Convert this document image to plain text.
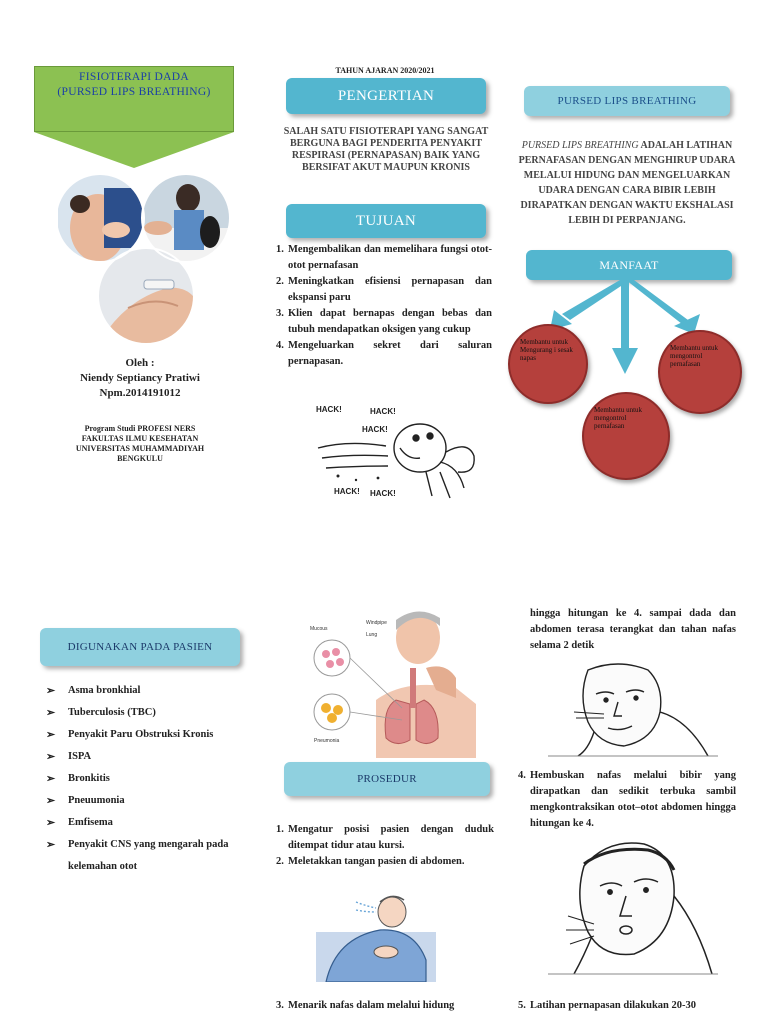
FISIOTERAPI DADA
(PURSED LIPS BREATHING)
Oleh :
Niendy Septiancy Pratiwi
Npm.2014191012
Program Studi PROFESI NERS
FAKULTAS ILMU KESEHATAN
UNIVERSITAS MUHAMMADIYAH
BENGKULU
TAHUN AJARAN 2020/2021
PENGERTIAN
SALAH SATU FISIOTERAPI YANG SANGAT BERGUNA BAGI PENDERITA PENYAKIT RESPIRASI (PERNAPASAN) BAIK YANG BERSIFAT AKUT MAUPUN KRONIS
TUJUAN
1. Mengembalikan dan memelihara fungsi otot-otot pernafasan
2. Meningkatkan efisiensi pernapasan dan ekspansi paru
3. Klien dapat bernapas dengan bebas dan tubuh mendapatkan oksigen yang cukup
4. Mengeluarkan sekret dari saluran pernapasan.
HACK!	HACK!
HACK!
HACK! HACK!
PURSED LIPS BREATHING
PURSED LIPS BREATHING ADALAH LATIHAN PERNAFASAN DENGAN MENGHIRUP UDARA MELALUI HIDUNG DAN MENGELUARKAN UDARA DENGAN CARA BIBIR LEBIH DIRAPATKAN DENGAN WAKTU EKSHALASI LEBIH DI PERPANJANG.
MANFAAT
Membantu untuk Mengurang i sesak napas
Membantu untuk mengontrol pernafasan
Membantu untuk mengontrol pernafasan
DIGUNAKAN PADA PASIEN
➢ Asma bronkhial
➢ Tuberculosis (TBC)
➢ Penyakit Paru Obstruksi Kronis
➢ ISPA
➢ Bronkitis
➢ Pneuumonia
➢ Emfisema
➢ Penyakit CNS yang mengarah pada kelemahan otot
Mucous
Windpipe
Lung
Pneumonia
PROSEDUR
1. Mengatur posisi pasien dengan duduk ditempat tidur atau kursi.
2. Meletakkan tangan pasien di abdomen.
3. Menarik nafas dalam melalui hidung
hingga hitungan ke 4. sampai dada dan abdomen terasa terangkat dan tahan nafas selama 2 detik
4. Hembuskan nafas melalui bibir yang dirapatkan dan sedikit terbuka sambil mengkontraksikan otot–otot abdomen hingga hitungan ke 4.
5. Latihan pernapasan dilakukan 20-30
